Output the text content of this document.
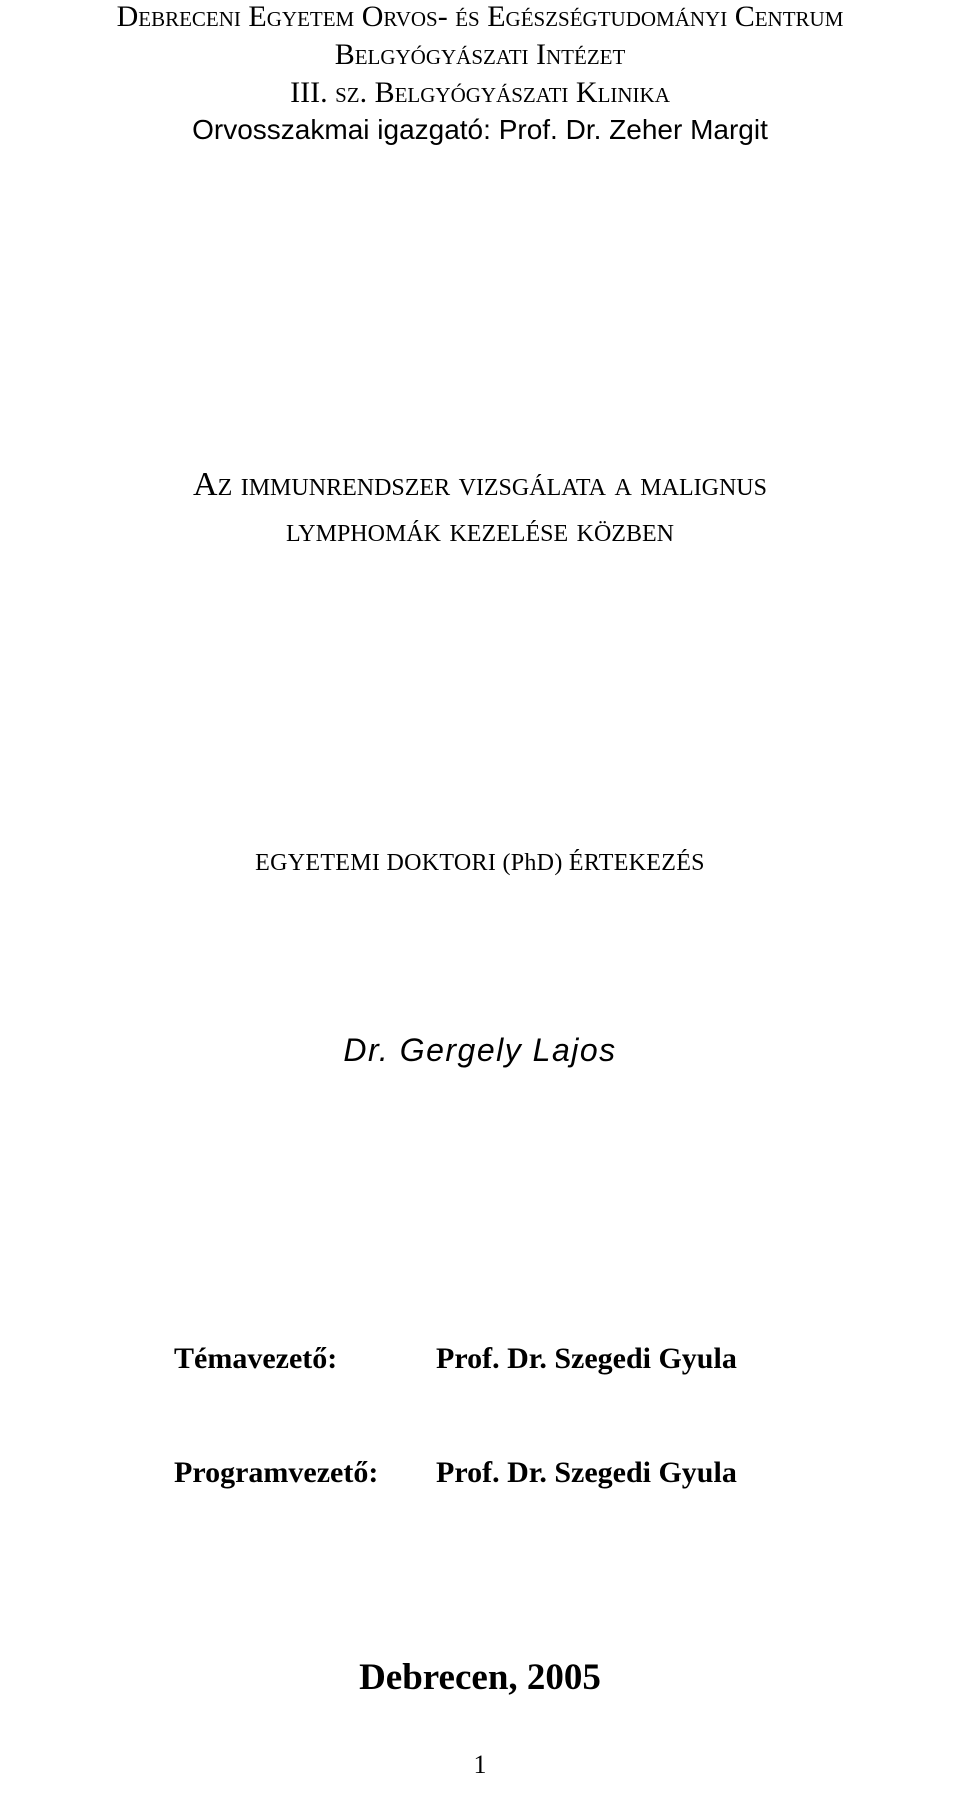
Debreceni Egyetem Orvos- és Egészségtudományi Centrum
Belgyógyászati Intézet
III. sz. Belgyógyászati Klinika
Orvosszakmai igazgató: Prof. Dr. Zeher Margit
Az immunrendszer vizsgálata a malignus
lymphomák kezelése közben
EGYETEMI DOKTORI (PhD) ÉRTEKEZÉS
Dr. Gergely Lajos
Témavezető:	Prof. Dr. Szegedi Gyula
Programvezető: Prof. Dr. Szegedi Gyula
Debrecen, 2005
1
